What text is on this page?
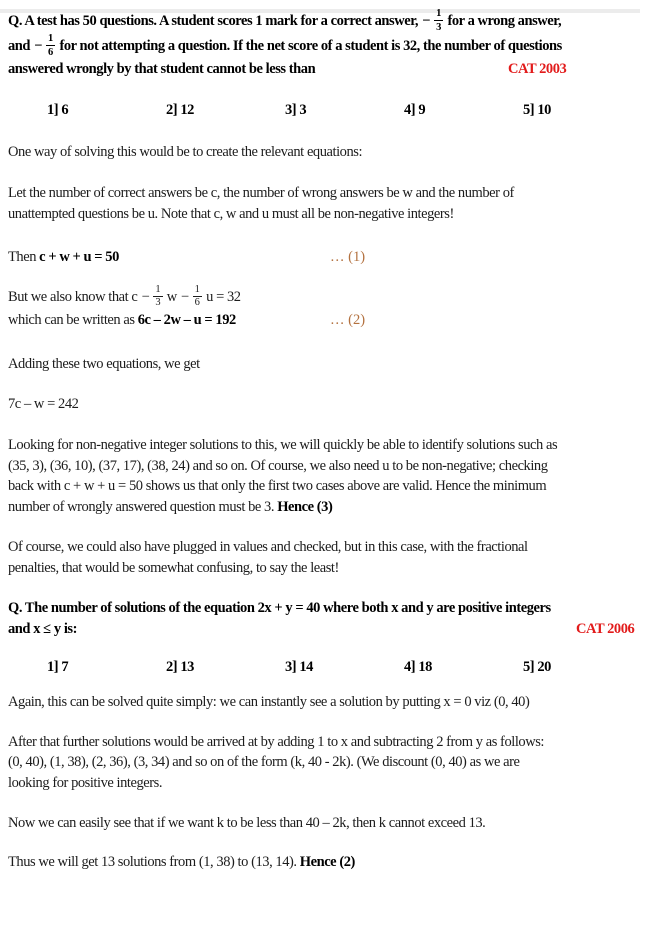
Q. A test has 50 questions. A student scores 1 mark for a correct answer, − $\frac{1}{3}$ for a wrong answer,
and − $\frac{1}{6}$ for not attempting a question. If the net score of a student is 32, the number of questions
answered wrongly by that student cannot be less than	CAT 2003
1] 6	2] 12	3] 3	4] 9	5] 10
One way of solving this would be to create the relevant equations:
Let the number of correct answers be c, the number of wrong answers be w and the number of
unattempted questions be u. Note that c, w and u must all be non-negative integers!
Then c + w + u = 50	… (1)
But we also know that $c - \frac{1}{3}$ $w - \frac{1}{6}$ u = 32
which can be written as 6c – 2w – u = 192	… (2)
Adding these two equations, we get
7c – w = 242
Looking for non-negative integer solutions to this, we will quickly be able to identify solutions such as
(35, 3), (36, 10), (37, 17), (38, 24) and so on. Of course, we also need u to be non-negative; checking
back with c + w + u = 50 shows us that only the first two cases above are valid. Hence the minimum
number of wrongly answered question must be 3. Hence (3)
Of course, we could also have plugged in values and checked, but in this case, with the fractional
penalties, that would be somewhat confusing, to say the least!
Q. The number of solutions of the equation 2x + y = 40 where both x and y are positive integers
and x ≤ y is:	CAT 2006
1] 7	2] 13	3] 14	4] 18	5] 20
Again, this can be solved quite simply: we can instantly see a solution by putting x = 0 viz (0, 40)
After that further solutions would be arrived at by adding 1 to x and subtracting 2 from y as follows:
(0, 40), (1, 38), (2, 36), (3, 34) and so on of the form (k, 40 - 2k). (We discount (0, 40) as we are
looking for positive integers.
Now we can easily see that if we want k to be less than 40 – 2k, then k cannot exceed 13.
Thus we will get 13 solutions from (1, 38) to (13, 14). Hence (2)
